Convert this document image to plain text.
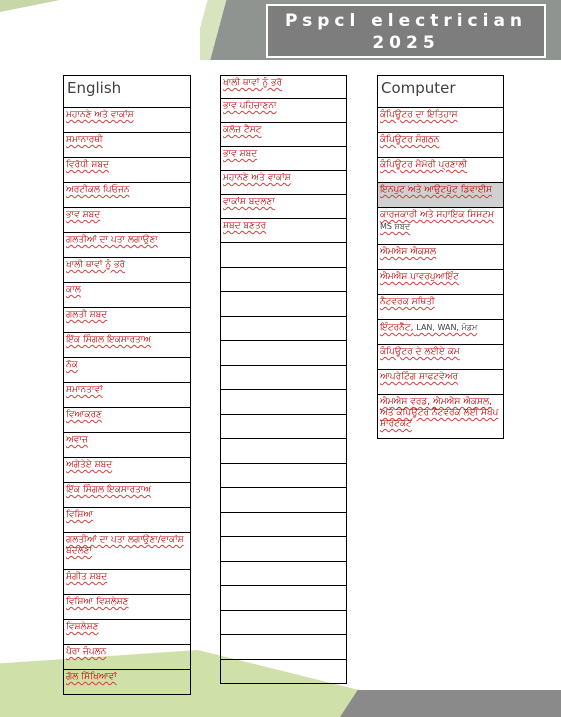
Pspcl electrician
2025
English
ਮਹਾਨਣੇ ਅਤੇ ਵਾਕਾਂਸ਼
ਸਮਾਨਾਰਥੀ
ਵਿਰੋਧੀ ਸ਼ਬਦ
ਅਰਟੀਕਲ ਪਿਓਜਨ
ਭਾਵ ਸ਼ਬਦ
ਗਲਤੀਆਂ ਦਾ ਪਤਾ ਲਗਾਉਣਾ
ਖਾਲੀ ਥਾਵਾਂ ਨੂੰ ਭਰੋ
ਕਾਲ
ਗਲਤੀ ਸ਼ਬਦ
ਇੱਕ ਸਿੰਗਲ ਇਕਸਾਰਤਾਅ
ਨੋਕ
ਸਮਾਨਤਾਵਾਂ
ਵਿਆਕਰਣ
ਅਵਾਜ਼
ਅਗੇਤੇਏ ਸ਼ਬਦ
ਇੱਕ ਸਿੰਗਲ ਇਕਸਾਰਤਾਅ
ਵਿਸ਼ਿਆ
ਗਲਤੀਆਂ ਦਾ ਪਤਾ ਲਗਾਉਣਾ/ਵਾਕਾਂਸ਼ ਬਦਲਣਾ
ਸੰਗੀਤ ਸ਼ਬਦ
ਵਿਸ਼ਿਆ ਵਿਸ਼ਲੇਸ਼ਣ
ਵਿਸ਼ਲੇਸ਼ਣ
ਪੈਰਾ ਜੰਪਲਨ
ਗੱਲ ਸਿੱਖਿਆਵਾਂ
ਖਾਲੀ ਥਾਵਾਂ ਨੂੰ ਭਰੋ
ਭਾਵ ਪਹਿਚਾਣਨਾ
ਕਲੋਜ਼ ਟੈਸਟ
ਭਾਵ ਸ਼ਬਦ
ਮਹਾਨਣੇ ਅਤੇ ਵਾਕਾਂਸ਼
ਵਾਕਾਂਸ਼ ਬਦਲਣਾ
ਸ਼ਬਦ ਬਣਤਰ
Computer
ਕੰਪਿਊਟਰ ਦਾ ਇਤਿਹਾਸ
ਕੰਪਿਊਟਰ ਸੰਗਠਨ
ਕੰਪਿਊਟਰ ਮੈਮੋਰੀ ਪ੍ਰਣਾਲੀ
ਇਨਪੁਟ ਅਤੇ ਆਉਟਪੁੱਟ ਡਿਵਾਈਸ
ਕਾਰਜਕਾਰੀ ਅਤੇ ਸਹਾਇਕ ਸਿਸਟਮ
MS ਸ਼ਬਦ
ਐਮਐਸ ਐਕਸਲ
ਐਮਐਸ ਪਾਵਰਪੁਆਇੰਟ
ਨੈਟਵਰਕ ਸਥਿਤੀ
ਇੰਟਰਨੈੱਟ, LAN, WAN, ਮੋਡਮ
ਕੰਪਿਊਟਰ ਦੇ ਲਈਏ ਕਮ
ਆਪਰੇਟਿੰਗ ਸਾਫਟਵੇਅਰ
ਐਮਐਸ ਵਰਡ, ਐਮਐਸ ਐਕਸਲ, ਅਤੇ ਕੰਪਿਊਟਰ ਨੈੱਟਵਰਕ ਲਈ ਸੰਖੇਪ ਸ਼ਾਰਟਕਟ
